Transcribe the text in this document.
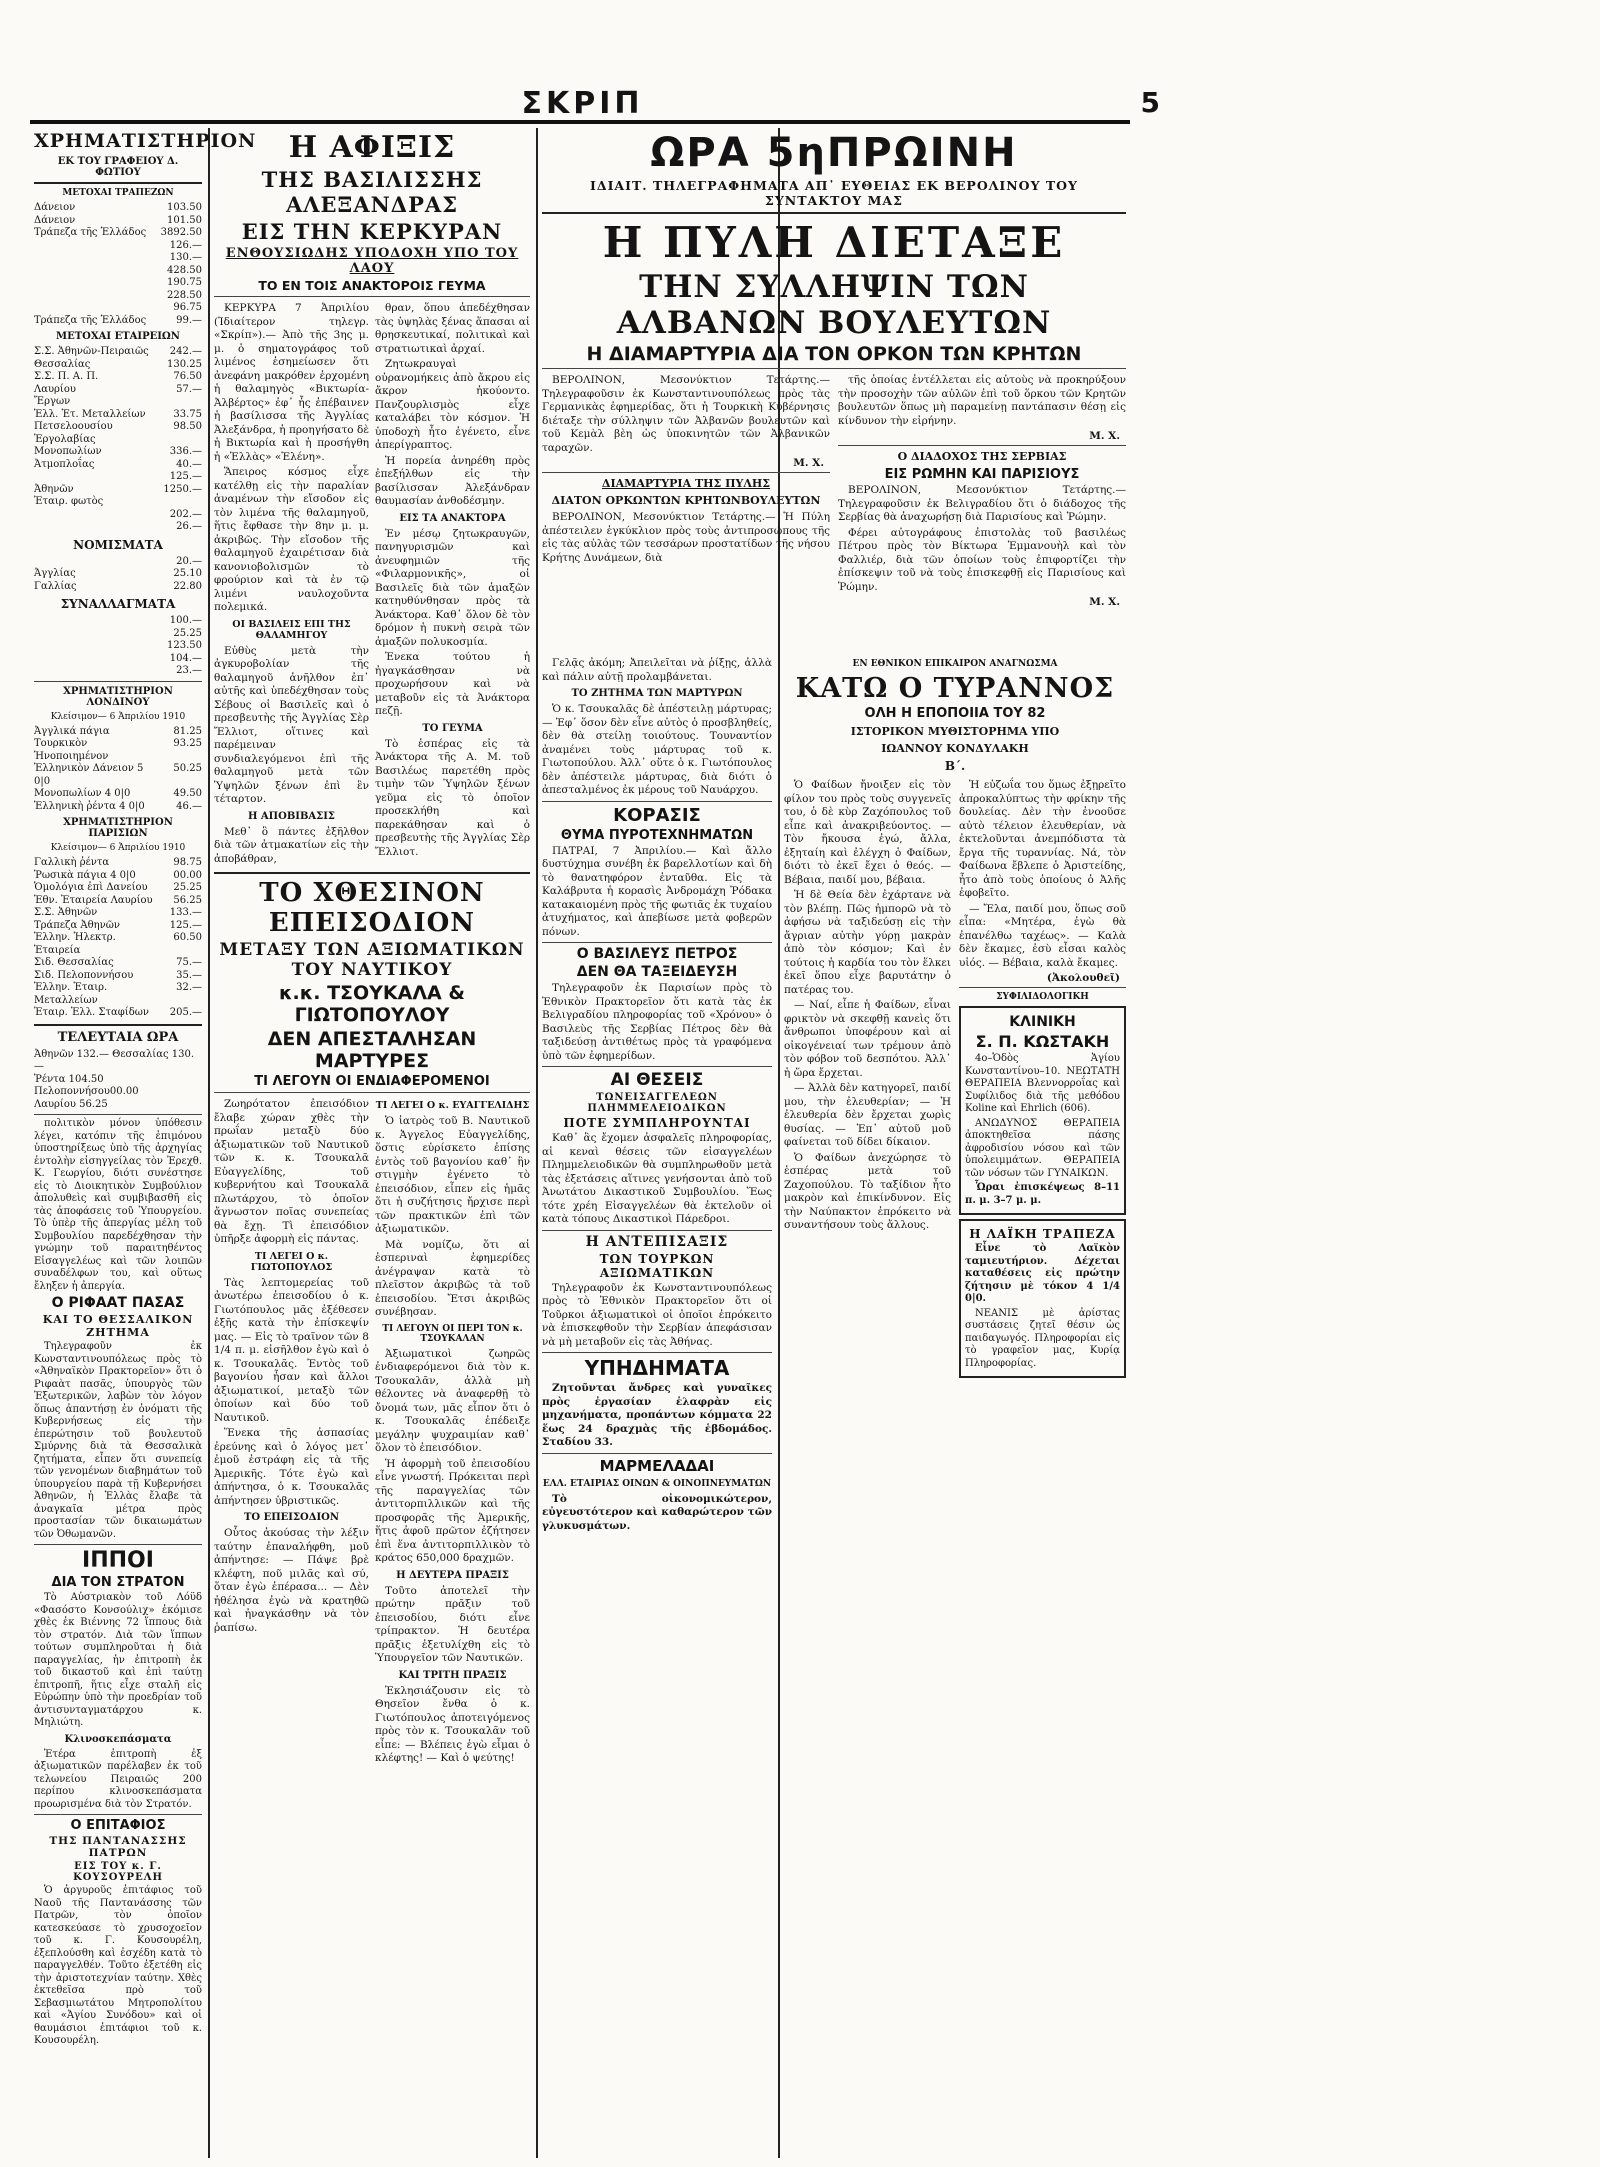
ΣΚΡΙΠ	5
ΧΡΗΜΑΤΙΣΤΗΡΙΟΝ
ΕΚ ΤΟΥ ΓΡΑΦΕΙΟΥ Δ. ΦΩΤΙΟΥ
ΜΕΤΟΧΑΙ ΤΡΑΠΕΖΩΝ
Δάνειον	103.50
Δάνειον	101.50
Τράπεζα τῆς Ἑλλάδος	3892.50
126.—
130.—
428.50
190.75
228.50
96.75
Τράπεζα τῆς Ἑλλάδος	99.—
ΜΕΤΟΧΑΙ ΕΤΑΙΡΕΙΩΝ
Σ.Σ. Ἀθηνῶν-Πειραιῶς	242.—
Θεσσαλίας	130.25
Σ.Σ. Π. Α. Π.	76.50
Λαυρίου	57.—
Ἔργων
Ἑλλ. Ἐτ. Μεταλλείων	33.75
Πετσελοουσίου	98.50
Ἐργολαβίας
Μονοπωλίων	336.—
Ἀτμοπλοΐας	40.—
125.—
Ἀθηνῶν	1250.—
Ἐταιρ. φωτὸς
202.—
26.—
ΝΟΜΙΣΜΑΤΑ
20.—
Ἀγγλίας	25.10
Γαλλίας	22.80
ΣΥΝΑΛΛΑΓΜΑΤΑ
100.—
25.25
123.50
104.—
23.—
ΧΡΗΜΑΤΙΣΤΗΡΙΟΝ ΛΟΝΔΙΝΟΥ
Κλείσιμον— 6 Ἀπριλίου 1910
Ἀγγλικά πάγια	81.25
Τουρκικὸν Ἡνοποιημένον
93.25
Ἑλληνικὸν Δάνειον 5 0|0
50.25
Μονοπωλίων 4 0|0	49.50
Ἑλληνικὴ ῥέντα 4 0|0	46.—
ΧΡΗΜΑΤΙΣΤΗΡΙΟΝ ΠΑΡΙΣΙΩΝ
Κλείσιμον— 6 Ἀπριλίου 1910
Γαλλικὴ ῥέντα	98.75
Ῥωσικὰ πάγια 4 0|0	00.00
Ὁμολόγια ἐπὶ Δανείου	25.25
Ἐθν. Ἐταιρεία Λαυρίου	56.25
Σ.Σ. Ἀθηνῶν	133.—
Τράπεζα Ἀθηνῶν	125.—
Ἑλλην. Ἠλεκτρ. Ἑταιρεία
60.50
Σιδ. Θεσσαλίας	75.—
Σιδ. Πελοποννήσου	35.—
Ἑλλην. Ἑταιρ. Μεταλλείων
32.—
Ἐταιρ. Ἑλλ. Σταφίδων	205.—
ΤΕΛΕΥΤΑΙΑ ΩΡΑ
Ἀθηνῶν 132.— Θεσσαλίας 130.—
Ῥέντα 104.50 Πελοποννήσου00.00
Λαυρίου 56.25

πολιτικὸν μόνον ὑπόθεσιν λέγει, κατόπιν τῆς ἐπιμόνου ὑποστηρίξεως ὑπὸ τῆς ἀρχηγίας ἐντολὴν εἰσηγγείλας τὸν Ἐρεχθ. Κ. Γεωργίου, διότι συνέστησε εἰς τὸ Διοικητικὸν Συμβούλιον ἀπολυθεὶς καὶ συμβιβασθῆ εἰς τὰς ἀποφάσεις τοῦ Ὑπουργείου. Τὸ ὑπὲρ τῆς ἀπεργίας μέλη τοῦ Συμβουλίου παρεδέχθησαν τὴν γνώμην τοῦ παραιτηθέντος Εἰσαγγελέως καὶ τῶν λοιπῶν συναδέλφων του, καὶ οὕτως ἔληξεν ἡ ἀπεργία.

Ο ΡΙΦΑΑΤ ΠΑΣΑΣ
ΚΑΙ ΤΟ ΘΕΣΣΑΛΙΚΟΝ ΖΗΤΗΜΑ

Τηλεγραφοῦν ἐκ Κωνσταντινουπόλεως πρὸς τὸ «Ἀθηναϊκὸν Πρακτορεῖον» ὅτι ὁ Ριφαὰτ πασᾶς, ὑπουργὸς τῶν Ἐξωτερικῶν, λαβὼν τὸν λόγον ὅπως ἀπαντήσῃ ἐν ὀνόματι τῆς Κυβερνήσεως εἰς τὴν ἐπερώτησιν τοῦ βουλευτοῦ Σμύρνης διὰ τὰ Θεσσαλικὰ ζητήματα, εἶπεν ὅτι συνεπείᾳ τῶν γενομένων διαβημάτων τοῦ ὑπουργείου παρὰ τῇ Κυβερνήσει Ἀθηνῶν, ἡ Ἑλλὰς ἔλαβε τὰ ἀναγκαῖα μέτρα πρὸς προστασίαν τῶν δικαιωμάτων τῶν Ὀθωμανῶν.

ΙΠΠΟΙ
ΔΙΑ ΤΟΝ ΣΤΡΑΤΟΝ

Τὸ Αὐστριακὸν τοῦ Λόϋδ «Φασόστο Κονσούλιχ» ἐκόμισε χθὲς ἐκ Βιέννης 72 ἵππους διὰ τὸν στρατόν. Διὰ τῶν ἵππων τούτων συμπληροῦται ἡ διὰ παραγγελίας, ἡν ἐπιτροπὴ ἐκ τοῦ δικαστοῦ καὶ ἐπὶ ταύτῃ ἐπιτροπῆ, ἥτις εἶχε σταλῆ εἰς Εὐρώπην ὑπὸ τὴν προεδρίαν τοῦ ἀντισυνταγματάρχου κ. Μηλιώτη.

Κλινοσκεπάσματα

Ἑτέρα ἐπιτροπὴ ἐξ ἀξιωματικῶν παρέλαβεν ἐκ τοῦ τελωνείου Πειραιῶς 200 περίπου κλινοσκεπάσματα προωρισμένα διὰ τὸν Στρατόν.

Ο ΕΠΙΤΑΦΙΟΣ
ΤΗΣ ΠΑΝΤΑΝΑΣΣΗΣ ΠΑΤΡΩΝ
ΕΙΣ ΤΟΥ κ. Γ. ΚΟΥΣΟΥΡΕΛΗ

Ὁ ἀργυροῦς ἐπιτάφιος τοῦ Ναοῦ τῆς Παντανάσσης τῶν Πατρῶν, τὸν ὁποῖον κατεσκεύασε τὸ χρυσοχοεῖον τοῦ κ. Γ. Κουσουρέλη, ἐξεπλούσθη καὶ ἐσχέδη κατὰ τὸ παραγγελθέν. Τοῦτο ἐξετέθη εἰς τὴν ἀριστοτεχνίαν ταύτην. Χθὲς ἐκτεθεῖσα πρὸ τοῦ Σεβασμιωτάτου Μητροπολίτου καὶ «Ἀγίου Συνόδου» καὶ οἱ θαυμάσιοι ἐπιτάφιοι τοῦ κ. Κουσουρέλη.

Η ΑΦΙΞΙΣ
ΤΗΣ ΒΑΣΙΛΙΣΣΗΣ ΑΛΕΞΑΝΔΡΑΣ
ΕΙΣ ΤΗΝ ΚΕΡΚΥΡΑΝ
ΕΝΘΟΥΣΙΩΔΗΣ ΥΠΟΔΟΧΗ ΥΠΟ ΤΟΥ ΛΑΟΥ
ΤΟ ΕΝ ΤΟΙΣ ΑΝΑΚΤΟΡΟΙΣ ΓΕΥΜΑ

ΚΕΡΚΥΡΑ 7 Ἀπριλίου (Ἰδιαίτερον τηλεγρ. «Σκρίπ»).— Ἀπὸ τῆς 3ης μ. μ. ὁ σηματογράφος τοῦ λιμένος ἐσημείωσεν ὅτι ἀνεφάνη μακρόθεν ἐρχομένη ἡ θαλαμηγὸς «Βικτωρία-Ἀλβέρτος» ἐφ᾽ ἧς ἐπέβαινεν ἡ βασίλισσα τῆς Ἀγγλίας Ἀλεξάνδρα, ἡ προηγήσατο δὲ ἡ Βικτωρία καὶ ἡ προσήγθη ἡ «Ἑλλὰς» «Ἑλένη».

Ἅπειρος κόσμος εἶχε κατέλθῃ εἰς τὴν παραλίαν ἀναμένων τὴν εἴσοδον εἰς τὸν λιμένα τῆς θαλαμηγοῦ, ἥτις ἔφθασε τὴν 8ην μ. μ. ἀκριβῶς. Τὴν εἴσοδον τῆς θαλαμηγοῦ ἐχαιρέτισαν διὰ κανονιοβολισμῶν τὸ φρούριον καὶ τὰ ἐν τῷ λιμένι ναυλοχοῦντα πολεμικά.

ΟΙ ΒΑΣΙΛΕΙΣ ΕΠΙ ΤΗΣ ΘΑΛΑΜΗΓΟΥ

Εὐθὺς μετὰ τὴν ἀγκυροβολίαν τῆς θαλαμηγοῦ ἀνῆλθον ἐπ᾽ αὐτῆς καὶ ὑπεδέχθησαν τοὺς Σέβους οἱ Βασιλεῖς καὶ ὁ πρεσβευτὴς τῆς Ἀγγλίας Σὲρ Ἔλλιοτ, οἵτινες καὶ παρέμειναν συνδιαλεγόμενοι ἐπὶ τῆς θαλαμηγοῦ μετὰ τῶν Ὑψηλῶν ξένων ἐπὶ ἓν τέταρτον.

Η ΑΠΟΒΙΒΑΣΙΣ

Μεθ᾽ ὃ πάντες ἐξῆλθον διὰ τῶν ἀτμακατίων εἰς τὴν ἀποβάθραν,

θραν, ὅπου ἀπεδέχθησαν τὰς ὑψηλὰς ξένας ἅπασαι αἱ θρησκευτικαί, πολιτικαὶ καὶ στρατιωτικαὶ ἀρχαί.

Ζητωκραυγαὶ οὐρανομήκεις ἀπὸ ἄκρου εἰς ἄκρον ἠκούοντο. Πανζουρλισμὸς εἶχε καταλάβει τὸν κόσμον. Ἡ ὑποδοχὴ ἦτο ἐγένετο, εἶνε ἀπερίγραπτος.

Ἡ πορεία ἀνηρέθη πρὸς ἐπεξήλθων εἰς τὴν βασίλισσαν Ἀλεξάνδραν θαυμασίαν ἀνθοδέσμην.

ΕΙΣ ΤΑ ΑΝΑΚΤΟΡΑ

Ἐν μέσῳ ζητωκραυγῶν, πανηγυρισμῶν καὶ ἀνευφημιῶν τῆς «Φιλαρμονικῆς», οἱ Βασιλεῖς διὰ τῶν ἀμαξῶν κατηυθύνθησαν πρὸς τὰ Ἀνάκτορα. Καθ᾽ ὅλον δὲ τὸν δρόμον ἡ πυκνὴ σειρὰ τῶν ἀμαξῶν πολυκοσμία.

Ἐνεκα τούτου ἡ ἠγαγκάσθησαν νὰ προχωρήσουν καὶ νὰ μεταβοῦν εἰς τὰ Ἀνάκτορα πεζῇ.

ΤΟ ΓΕΥΜΑ

Τὸ ἑσπέρας εἰς τὰ Ἀνάκτορα τῆς Α. Μ. τοῦ Βασιλέως παρετέθη πρὸς τιμὴν τῶν Ὑψηλῶν ξένων γεῦμα εἰς τὸ ὁποῖον προσεκλήθη καὶ παρεκάθησαν καὶ ὁ πρεσβευτὴς τῆς Ἀγγλίας Σὲρ Ἔλλιοτ.

ΤΟ ΧΘΕΣΙΝΟΝ ΕΠΕΙΣΟΔΙΟΝ
ΜΕΤΑΞΥ ΤΩΝ ΑΞΙΩΜΑΤΙΚΩΝ ΤΟΥ ΝΑΥΤΙΚΟΥ
κ.κ. ΤΣΟΥΚΑΛΑ & ΓΙΩΤΟΠΟΥΛΟΥ
ΔΕΝ ΑΠΕΣΤΑΛΗΣΑΝ ΜΑΡΤΥΡΕΣ
ΤΙ ΛΕΓΟΥΝ ΟΙ ΕΝΔΙΑΦΕΡΟΜΕΝΟΙ

Ζωηρότατον ἐπεισόδιον ἔλαβε χώραν χθὲς τὴν πρωΐαν μεταξὺ δύο ἀξιωματικῶν τοῦ Ναυτικοῦ τῶν κ. κ. Τσουκαλᾶ Εὐαγγελίδης, τοῦ κυβερνήτου καὶ Τσουκαλᾶ πλωτάρχου, τὸ ὁποῖον ἄγνωστον ποῖας συνεπείας θὰ ἔχῃ. Τὶ ἐπεισόδιον ὑπῆρξε ἀφορμὴ εἰς πάντας.

ΤΙ ΛΕΓΕΙ Ο κ. ΓΙΩΤΟΠΟΥΛΟΣ

Τὰς λεπτομερείας τοῦ ἀνωτέρω ἐπεισοδίου ὁ κ. Γιωτόπουλος μᾶς ἐξέθεσεν ἐξῆς κατὰ τὴν ἐπίσκεψίν μας. — Εἰς τὸ τραῖνον τῶν 8 1/4 π. μ. εἰσῆλθον ἐγὼ καὶ ὁ κ. Τσουκαλᾶς. Ἐντὸς τοῦ βαγονίου ἦσαν καὶ ἄλλοι ἀξιωματικοί, μεταξὺ τῶν ὁποίων καὶ δύο τοῦ Ναυτικοῦ.

Ἕνεκα τῆς ἀσπασίας ἐρεύνης καὶ ὁ λόγος μετ᾽ ἐμοῦ ἐστράφη εἰς τὰ τῆς Ἀμερικῆς. Τότε ἐγὼ καὶ ἀπήντησα, ὁ κ. Τσουκαλᾶς ἀπήντησεν ὑβριστικῶς.

ΤΟ ΕΠΕΙΣΟΔΙΟΝ

Οὗτος ἀκούσας τὴν λέξιν ταύτην ἐπαναλήφθη, μοῦ ἀπήντησε: — Πάψε βρὲ κλέφτη, ποῦ μιλᾶς καὶ σύ, ὅταν ἐγὼ ἐπέρασα... — Δὲν ἠθέλησα ἐγὼ νὰ κρατηθῶ καὶ ἠναγκάσθην νὰ τὸν ῥαπίσω.

ΤΙ ΛΕΓΕΙ Ο κ. ΕΥΑΓΓΕΛΙΔΗΣ

Ὁ ἰατρὸς τοῦ Β. Ναυτικοῦ κ. Ἀγγελος Εὐαγγελίδης, ὅστις εὑρίσκετο ἐπίσης ἐντὸς τοῦ βαγονίου καθ᾽ ἣν στιγμὴν ἐγένετο τὸ ἐπεισόδιον, εἶπεν εἰς ἡμᾶς ὅτι ἡ συζήτησις ἤρχισε περὶ τῶν πρακτικῶν ἐπὶ τῶν ἀξιωματικῶν.

Μὰ νομίζω, ὅτι αἱ ἑσπεριναὶ ἐφημερίδες ἀνέγραψαν κατὰ τὸ πλεῖστον ἀκριβῶς τὰ τοῦ ἐπεισοδίου. Ἔτσι ἀκριβῶς συνέβησαν.

ΤΙ ΛΕΓΟΥΝ ΟΙ ΠΕΡΙ ΤΟΝ κ. ΤΣΟΥΚΑΛΑΝ

Ἀξιωματικοὶ ζωηρῶς ἐνδιαφερόμενοι διὰ τὸν κ. Τσουκαλᾶν, ἀλλὰ μὴ θέλοντες νὰ ἀναφερθῇ τὸ ὄνομά των, μᾶς εἶπον ὅτι ὁ κ. Τσουκαλᾶς ἐπέδειξε μεγάλην ψυχραιμίαν καθ᾽ ὅλον τὸ ἐπεισόδιον.

Ἡ ἀφορμὴ τοῦ ἐπεισοδίου εἶνε γνωστή. Πρόκειται περὶ τῆς παραγγελίας τῶν ἀντιτορπιλλικῶν καὶ τῆς προσφορᾶς τῆς Ἀμερικῆς, ἥτις ἀφοῦ πρῶτον ἐζήτησεν ἐπὶ ἕνα ἀντιτορπιλλικὸν τὸ κράτος 650,000 δραχμῶν.

Η ΔΕΥΤΕΡΑ ΠΡΑΞΙΣ

Τοῦτο ἀποτελεῖ τὴν πρώτην πρᾶξιν τοῦ ἐπεισοδίου, διότι εἶνε τρίπρακτον. Ἡ δευτέρα πρᾶξις ἐξετυλίχθη εἰς τὸ Ὑπουργεῖον τῶν Ναυτικῶν.

ΚΑΙ ΤΡΙΤΗ ΠΡΑΞΙΣ

Ἐκλησιάζουσιν εἰς τὸ Θησεῖον ἔνθα ὁ κ. Γιωτόπουλος ἀποτειγόμενος πρὸς τὸν κ. Τσουκαλᾶν τοῦ εἶπε: — Βλέπεις ἐγὼ εἶμαι ὁ κλέφτης! — Καὶ ὁ ψεύτης!

ΩΡΑ 5ηΠΡΩΙΝΗ
ΙΔΙΑΙΤ. ΤΗΛΕΓΡΑΦΗΜΑΤΑ ΑΠ᾽ ΕΥΘΕΙΑΣ ΕΚ ΒΕΡΟΛΙΝΟΥ ΤΟΥ ΣΥΝΤΑΚΤΟΥ ΜΑΣ
Η ΠΥΛΗ ΔΙΕΤΑΞΕ
ΤΗΝ ΣΥΛΛΗΨΙΝ ΤΩΝ ΑΛΒΑΝΩΝ ΒΟΥΛΕΥΤΩΝ
Η ΔΙΑΜΑΡΤΥΡΙΑ ΔΙΑ ΤΟΝ ΟΡΚΟΝ ΤΩΝ ΚΡΗΤΩΝ

ΒΕΡΟΛΙΝΟΝ, Μεσονύκτιον Τετάρτης.— Τηλεγραφοῦσιν ἐκ Κωνσταντινουπόλεως πρὸς τὰς Γερμανικὰς ἐφημερίδας, ὅτι ἡ Τουρκικὴ Κυβέρνησις διέταξε τὴν σύλληψιν τῶν Ἀλβανῶν βουλευτῶν καὶ τοῦ Κεμὰλ βὲη ὡς ὑποκινητῶν τῶν Ἀλβανικῶν ταραχῶν.

Μ. Χ.
ΔΙΑΜΑΡΤΥΡΙΑ ΤΗΣ ΠΥΛΗΣ
ΔΙΑΤΟΝ ΟΡΚΩΝΤΩΝ ΚΡΗΤΩΝΒΟΥΛΕΥΤΩΝ

ΒΕΡΟΛΙΝΟΝ, Μεσονύκτιον Τετάρτης.— Ἡ Πύλη ἀπέστειλεν ἐγκύκλιον πρὸς τοὺς ἀντιπροσώπους τῆς εἰς τὰς αὐλὰς τῶν τεσσάρων προστατίδων τῆς νήσου Κρήτης Δυνάμεων, διὰ

τῆς ὁποίας ἐντέλλεται εἰς αὐτοὺς νὰ προκηρύξουν τὴν προσοχὴν τῶν αὐλῶν ἐπὶ τοῦ ὅρκου τῶν Κρητῶν βουλευτῶν ὅπως μὴ παραμείνῃ παντάπασιν θέσῃ εἰς κίνδυνον τὴν εἰρήνην.

Μ. Χ.
Ο ΔΙΑΔΟΧΟΣ ΤΗΣ ΣΕΡΒΙΑΣ
ΕΙΣ ΡΩΜΗΝ ΚΑΙ ΠΑΡΙΣΙΟΥΣ

ΒΕΡΟΛΙΝΟΝ, Μεσονύκτιον Τετάρτης.— Τηλεγραφοῦσιν ἐκ Βελιγραδίου ὅτι ὁ διάδοχος τῆς Σερβίας θὰ ἀναχωρήσῃ διὰ Παρισίους καὶ Ῥώμην.

Φέρει αὐτογράφους ἐπιστολὰς τοῦ βασιλέως Πέτρου πρὸς τὸν Βίκτωρα Ἐμμανουὴλ καὶ τὸν Φαλλιέρ, διὰ τῶν ὁποίων τοὺς ἐπιφορτίζει τὴν ἐπίσκεψιν τοῦ νὰ τοὺς ἐπισκεφθῇ εἰς Παρισίους καὶ Ῥώμην.

Μ. Χ.

Γελᾷς ἀκόμη; Ἀπειλεῖται νὰ ῥίξῃς, ἀλλὰ καὶ πάλιν αὐτῇ προλαμβάνεται.

ΤΟ ΖΗΤΗΜΑ ΤΩΝ ΜΑΡΤΥΡΩΝ

Ὁ κ. Τσουκαλᾶς δὲ ἀπέστειλῃ μάρτυρας; — Ἐφ᾽ ὅσον δὲν εἶνε αὐτὸς ὁ προσβληθείς, δὲν θὰ στείλῃ τοιούτους. Τουναντίον ἀναμένει τοὺς μάρτυρας τοῦ κ. Γιωτοπούλου. Ἀλλ᾽ οὔτε ὁ κ. Γιωτόπουλος δὲν ἀπέστειλε μάρτυρας, διὰ διότι ὁ ἀπεσταλμένος ἐκ μέρους τοῦ Ναυάρχου.

ΚΟΡΑΣΙΣ
ΘΥΜΑ ΠΥΡΟΤΕΧΝΗΜΑΤΩΝ

ΠΑΤΡΑΙ, 7 Ἀπριλίου.— Καὶ ἄλλο δυστύχημα συνέβη ἐκ βαρελλοτίων καὶ δὴ τὸ θανατηφόρον ἐνταῦθα. Εἰς τὰ Καλάβρυτα ἡ κορασὶς Ἀνδρομάχη Ῥόδακα κατακαιομένη πρὸς τῆς φωτιᾶς ἐκ τυχαίου ἀτυχήματος, καὶ ἀπεβίωσε μετὰ φοβερῶν πόνων.

Ο ΒΑΣΙΛΕΥΣ ΠΕΤΡΟΣ
ΔΕΝ ΘΑ ΤΑΞΕΙΔΕΥΣΗ

Τηλεγραφοῦν ἐκ Παρισίων πρὸς τὸ Ἐθνικὸν Πρακτορεῖον ὅτι κατὰ τὰς ἐκ Βελιγραδίου πληροφορίας τοῦ «Χρόνου» ὁ Βασιλεὺς τῆς Σερβίας Πέτρος δὲν θὰ ταξιδεύσῃ ἀντιθέτως πρὸς τὰ γραφόμενα ὑπὸ τῶν ἐφημερίδων.

ΑΙ ΘΕΣΕΙΣ
ΤΩΝΕΙΣΑΓΓΕΛΕΩΝ ΠΛΗΜΜΕΛΕΙΟΔΙΚΩΝ
ΠΟΤΕ ΣΥΜΠΛΗΡΟΥΝΤΑΙ

Καθ᾽ ἃς ἔχομεν ἀσφαλεῖς πληροφορίας, αἱ κεναὶ θέσεις τῶν εἰσαγγελέων Πλημμελειοδικῶν θὰ συμπληρωθοῦν μετὰ τὰς ἐξετάσεις αἵτινες γενήσονται ἀπὸ τοῦ Ἀνωτάτου Δικαστικοῦ Συμβουλίου. Ἕως τότε χρέη Εἰσαγγελέων θὰ ἐκτελοῦν οἱ κατὰ τόπους Δικαστικοὶ Πάρεδροι.

Η ΑΝΤΕΠΙΣΑΞΙΣ
ΤΩΝ ΤΟΥΡΚΩΝ ΑΞΙΩΜΑΤΙΚΩΝ

Τηλεγραφοῦν ἐκ Κωνσταντινουπόλεως πρὸς τὸ Ἐθνικὸν Πρακτορεῖον ὅτι οἱ Τοῦρκοι ἀξιωματικοὶ οἱ ὁποῖοι ἐπρόκειτο νὰ ἐπισκεφθοῦν τὴν Σερβίαν ἀπεφάσισαν νὰ μὴ μεταβοῦν εἰς τὰς Ἀθήνας.

ΥΠΗΔΗΜΑΤΑ

Ζητοῦνται ἄνδρες καὶ γυναῖκες πρὸς ἐργασίαν ἐλαφρὰν εἰς μηχανήματα, προπάντων κόμματα 22 ἕως 24 δραχμὰς τῆς ἑβδομάδος. Σταδίου 33.

ΜΑΡΜΕΛΑΔΑΙ
ΕΛΛ. ΕΤΑΙΡΙΑΣ ΟΙΝΩΝ & ΟΙΝΟΠΝΕΥΜΑΤΩΝ

Τὸ οἰκονομικώτερον, εὐγευστότερον καὶ καθαρώτερον τῶν γλυκυσμάτων.

ΕΝ ΕΘΝΙΚΟΝ ΕΠΙΚΑΙΡΟΝ ΑΝΑΓΝΩΣΜΑ
ΚΑΤΩ Ο ΤΥΡΑΝΝΟΣ
ΟΛΗ Η ΕΠΟΠΟΙΙΑ ΤΟΥ 82
ΙΣΤΟΡΙΚΟΝ ΜΥΘΙΣΤΟΡΗΜΑ ΥΠΟ
ΙΩΑΝΝΟΥ ΚΟΝΔΥΛΑΚΗ
Β΄.

Ὁ Φαίδων ἤνοιξεν εἰς τὸν φίλον του πρὸς τοὺς συγγενεῖς του, ὁ δὲ κὺρ Ζαχόπουλος τοῦ εἶπε καὶ ἀνακριβεύοντος. — Τὸν ἤκουσα ἐγώ, ἄλλα, ἐξηταίη καὶ ἐλέγχη ὁ Φαίδων, διότι τὸ ἐκεῖ ἔχει ὁ θεός. — Βέβαια, παιδί μου, βέβαια.

Ἡ δὲ Θεία δὲν ἐχάρτανε νὰ τὸν βλέπῃ. Πῶς ἠμπορῶ νὰ τὸ ἀφήσω νὰ ταξιδεύσῃ εἰς τὴν ἄγριαν αὐτὴν γύρῃ μακρὰν ἀπὸ τὸν κόσμον; Καὶ ἐν τούτοις ἡ καρδία του τὸν ἕλκει ἐκεῖ ὅπου εἶχε βαρυτάτην ὁ πατέρας του.

— Ναί, εἶπε ἡ Φαίδων, εἶναι φρικτὸν νὰ σκεφθῇ κανεὶς ὅτι ἄνθρωποι ὑποφέρουν καὶ αἱ οἰκογένειαί των τρέμουν ἀπὸ τὸν φόβον τοῦ δεσπότου. Ἀλλ᾽ ἡ ὥρα ἔρχεται.

— Ἀλλὰ δὲν κατηγορεῖ, παιδί μου, τὴν ἐλευθερίαν; — Ἡ ἐλευθερία δὲν ἔρχεται χωρὶς θυσίας. — Ἐπ᾽ αὐτοῦ μοῦ φαίνεται τοῦ δίδει δίκαιον.

Ὁ Φαίδων ἀνεχώρησε τὸ ἑσπέρας μετὰ τοῦ Ζαχοπούλου. Τὸ ταξίδιον ἦτο μακρὸν καὶ ἐπικίνδυνον. Εἰς τὴν Ναύπακτον ἐπρόκειτο νὰ συναντήσουν τοὺς ἄλλους.

Ἡ εὐζωΐα του ὅμως ἐξῃρεῖτο ἀπροκαλύπτως τὴν φρίκην τῆς δουλείας. Δὲν τὴν ἐνοοῦσε αὐτὸ τέλειον ἐλευθερίαν, νὰ ἐκτελοῦνται ἀνεμπόδιστα τὰ ἔργα τῆς τυραννίας. Νά, τὸν Φαίδωνα ἔβλεπε ὁ Ἀριστείδης, ἦτο ἀπὸ τοὺς ὁποίους ὁ Ἀλῆς ἐφοβεῖτο.

— Ἔλα, παιδί μου, ὅπως σοῦ εἶπα: «Μητέρα, ἐγὼ θὰ ἐπανέλθω ταχέως». — Καλὰ δὲν ἔκαμες, ἐσὺ εἶσαι καλὸς υἱός. — Βέβαια, καλὰ ἔκαμες.

(Ἀκολουθεῖ)
ΣΥΦΙΛΙΔΟΛΟΓΙΚΗ
ΚΛΙΝΙΚΗ
Σ. Π. ΚΩΣΤΑΚΗ

4ο–Ὁδὸς Ἁγίου Κωνσταντίνου–10. ΝΕΩΤΑΤΗ ΘΕΡΑΠΕΙΑ Βλεννορροΐας καὶ Συφίλιδος διὰ τῆς μεθόδου Koline καὶ Ehrlich (606).

ΑΝΩΔΥΝΟΣ ΘΕΡΑΠΕΙΑ ἀποκτηθεῖσα πάσης ἀφροδισίου νόσου καὶ τῶν ὑπολειμμάτων. ΘΕΡΑΠΕΙΑ τῶν νόσων τῶν ΓΥΝΑΙΚΩΝ.

Ὧραι ἐπισκέψεως 8–11 π. μ. 3–7 μ. μ.

Η ΛΑΪΚΗ ΤΡΑΠΕΖΑ

Εἶνε τὸ Λαϊκὸν ταμιευτήριον. Δέχεται καταθέσεις εἰς πρώτην ζήτησιν μὲ τόκον 4 1/4 0|0.

ΝΕΑΝΙΣ μὲ ἀρίστας συστάσεις ζητεῖ θέσιν ὡς παιδαγωγός. Πληροφορίαι εἰς τὸ γραφεῖον μας, Κυρίᾳ Πληροφορίας.
